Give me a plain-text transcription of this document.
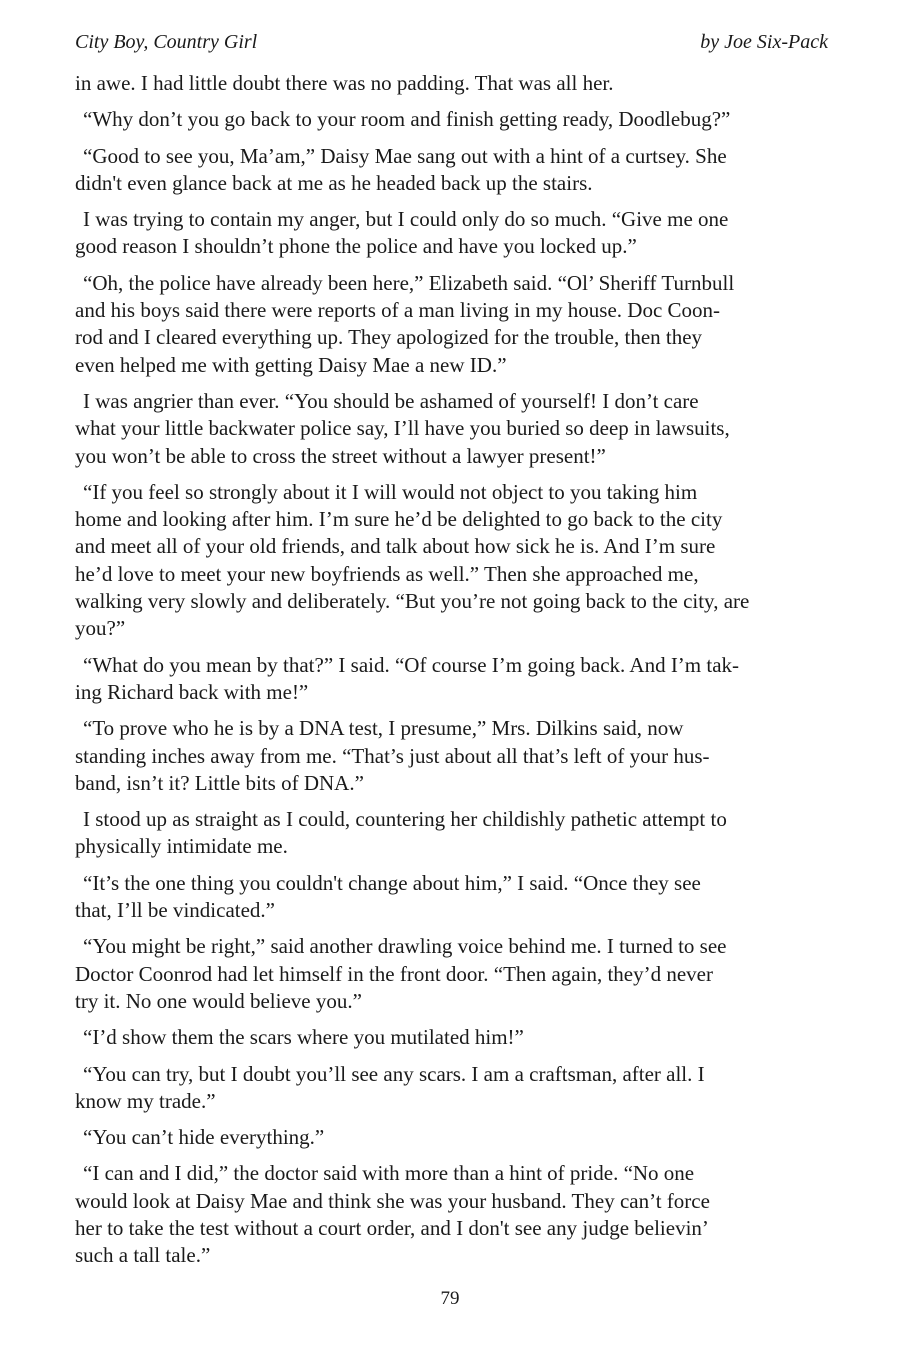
City Boy, Country Girl	by Joe Six-Pack

in awe. I had little doubt there was no padding. That was all her.

“Why don’t you go back to your room and finish getting ready, Doodlebug?”

“Good to see you, Ma’am,” Daisy Mae sang out with a hint of a curtsey. She
didn't even glance back at me as he headed back up the stairs.

I was trying to contain my anger, but I could only do so much. “Give me one
good reason I shouldn’t phone the police and have you locked up.”

“Oh, the police have already been here,” Elizabeth said. “Ol’ Sheriff Turnbull
and his boys said there were reports of a man living in my house. Doc Coon-
rod and I cleared everything up. They apologized for the trouble, then they
even helped me with getting Daisy Mae a new ID.”

I was angrier than ever. “You should be ashamed of yourself! I don’t care
what your little backwater police say, I’ll have you buried so deep in lawsuits,
you won’t be able to cross the street without a lawyer present!”

“If you feel so strongly about it I will would not object to you taking him
home and looking after him. I’m sure he’d be delighted to go back to the city
and meet all of your old friends, and talk about how sick he is. And I’m sure
he’d love to meet your new boyfriends as well.” Then she approached me,
walking very slowly and deliberately. “But you’re not going back to the city, are
you?”

“What do you mean by that?” I said. “Of course I’m going back. And I’m tak-
ing Richard back with me!”

“To prove who he is by a DNA test, I presume,” Mrs. Dilkins said, now
standing inches away from me. “That’s just about all that’s left of your hus-
band, isn’t it? Little bits of DNA.”

I stood up as straight as I could, countering her childishly pathetic attempt to
physically intimidate me.

“It’s the one thing you couldn't change about him,” I said. “Once they see
that, I’ll be vindicated.”

“You might be right,” said another drawling voice behind me. I turned to see
Doctor Coonrod had let himself in the front door. “Then again, they’d never
try it. No one would believe you.”

“I’d show them the scars where you mutilated him!”

“You can try, but I doubt you’ll see any scars. I am a craftsman, after all. I
know my trade.”

“You can’t hide everything.”

“I can and I did,” the doctor said with more than a hint of pride. “No one
would look at Daisy Mae and think she was your husband. They can’t force
her to take the test without a court order, and I don't see any judge believin’
such a tall tale.”

79
